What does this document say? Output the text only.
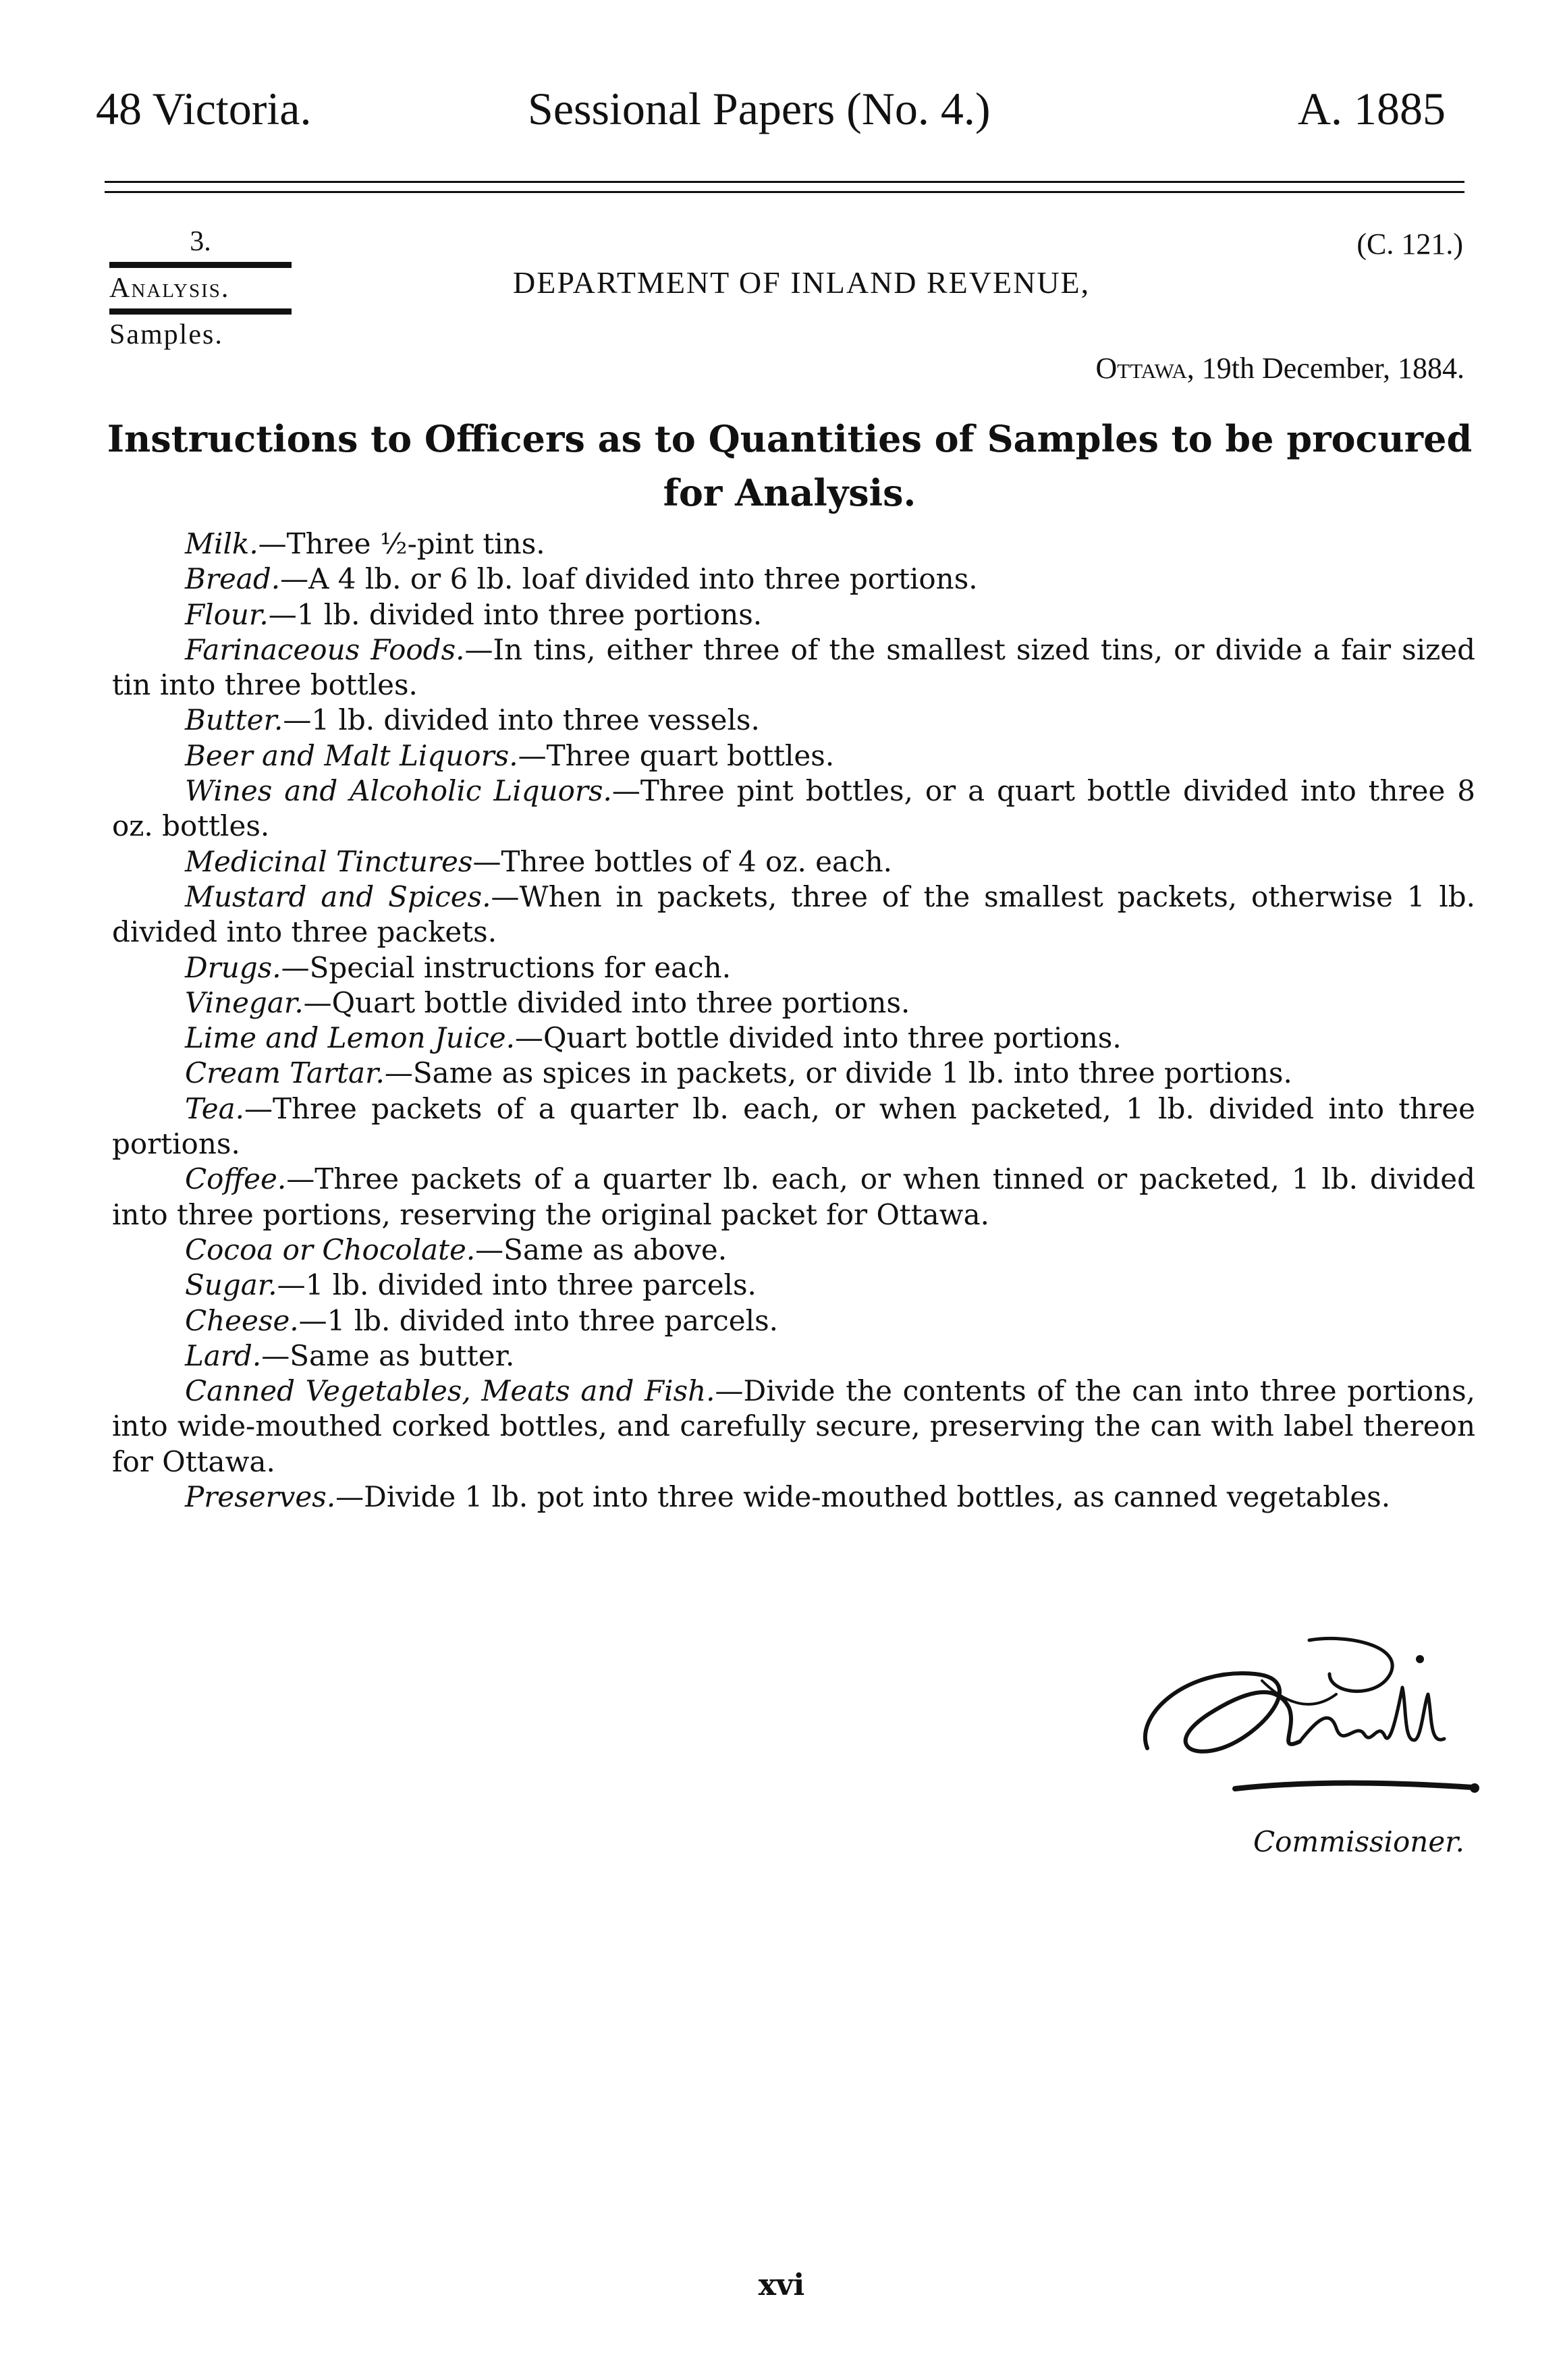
48 Victoria.	Sessional Papers (No. 4.)	A. 1885
3.
Analysis.
Samples.
(C. 121.)
DEPARTMENT OF INLAND REVENUE,
Ottawa, 19th December, 1884.
Instructions to Officers as to Quantities of Samples to be procured
for Analysis.

Milk.—Three ½-pint tins.

Bread.—A 4 lb. or 6 lb. loaf divided into three portions.

Flour.—1 lb. divided into three portions.

Farinaceous Foods.—In tins, either three of the smallest sized tins, or divide a fair sized tin into three bottles.

Butter.—1 lb. divided into three vessels.

Beer and Malt Liquors.—Three quart bottles.

Wines and Alcoholic Liquors.—Three pint bottles, or a quart bottle divided into three 8 oz. bottles.

Medicinal Tinctures—Three bottles of 4 oz. each.

Mustard and Spices.—When in packets, three of the smallest packets, otherwise 1 lb. divided into three packets.

Drugs.—Special instructions for each.

Vinegar.—Quart bottle divided into three portions.

Lime and Lemon Juice.—Quart bottle divided into three portions.

Cream Tartar.—Same as spices in packets, or divide 1 lb. into three portions.

Tea.—Three packets of a quarter lb. each, or when packeted, 1 lb. divided into three portions.

Coffee.—Three packets of a quarter lb. each, or when tinned or packeted, 1 lb. divided into three portions, reserving the original packet for Ottawa.

Cocoa or Chocolate.—Same as above.

Sugar.—1 lb. divided into three parcels.

Cheese.—1 lb. divided into three parcels.

Lard.—Same as butter.

Canned Vegetables, Meats and Fish.—Divide the contents of the can into three portions, into wide-mouthed corked bottles, and carefully secure, preserving the can with label thereon for Ottawa.

Preserves.—Divide 1 lb. pot into three wide-mouthed bottles, as canned vegetables.

Commissioner.
xvi
